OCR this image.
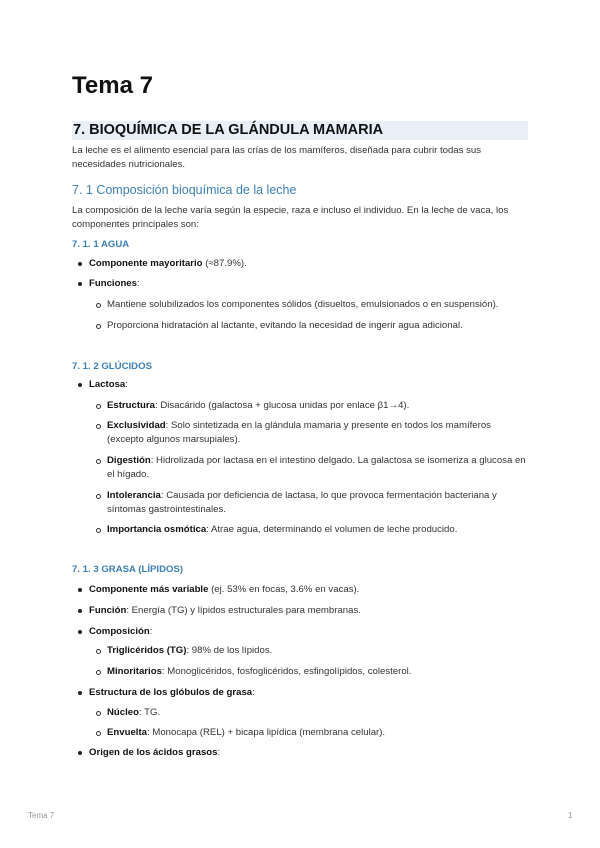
Tema 7
7. BIOQUÍMICA DE LA GLÁNDULA MAMARIA
La leche es el alimento esencial para las crías de los mamíferos, diseñada para cubrir todas sus necesidades nutricionales.
7. 1 Composición bioquímica de la leche
La composición de la leche varía según la especie, raza e incluso el individuo. En la leche de vaca, los componentes principales son:
7. 1. 1 AGUA
Componente mayoritario (≈87.9%).
Funciones:
Mantiene solubilizados los componentes sólidos (disueltos, emulsionados o en suspensión).
Proporciona hidratación al lactante, evitando la necesidad de ingerir agua adicional.
7. 1. 2 GLÚCIDOS
Lactosa:
Estructura: Disacárido (galactosa + glucosa unidas por enlace β1→4).
Exclusividad: Solo sintetizada en la glándula mamaria y presente en todos los mamíferos (excepto algunos marsupiales).
Digestión: Hidrolizada por lactasa en el intestino delgado. La galactosa se isomeriza a glucosa en el hígado.
Intolerancia: Causada por deficiencia de lactasa, lo que provoca fermentación bacteriana y síntomas gastrointestinales.
Importancia osmótica: Atrae agua, determinando el volumen de leche producido.
7. 1. 3 GRASA (LÍPIDOS)
Componente más variable (ej. 53% en focas, 3.6% en vacas).
Función: Energía (TG) y lípidos estructurales para membranas.
Composición:
Triglicéridos (TG): 98% de los lípidos.
Minoritarios: Monoglicéridos, fosfoglicéridos, esfingolípidos, colesterol.
Estructura de los glóbulos de grasa:
Núcleo: TG.
Envuelta: Monocapa (REL) + bicapa lipídica (membrana celular).
Origen de los ácidos grasos:
Tema 7	1
